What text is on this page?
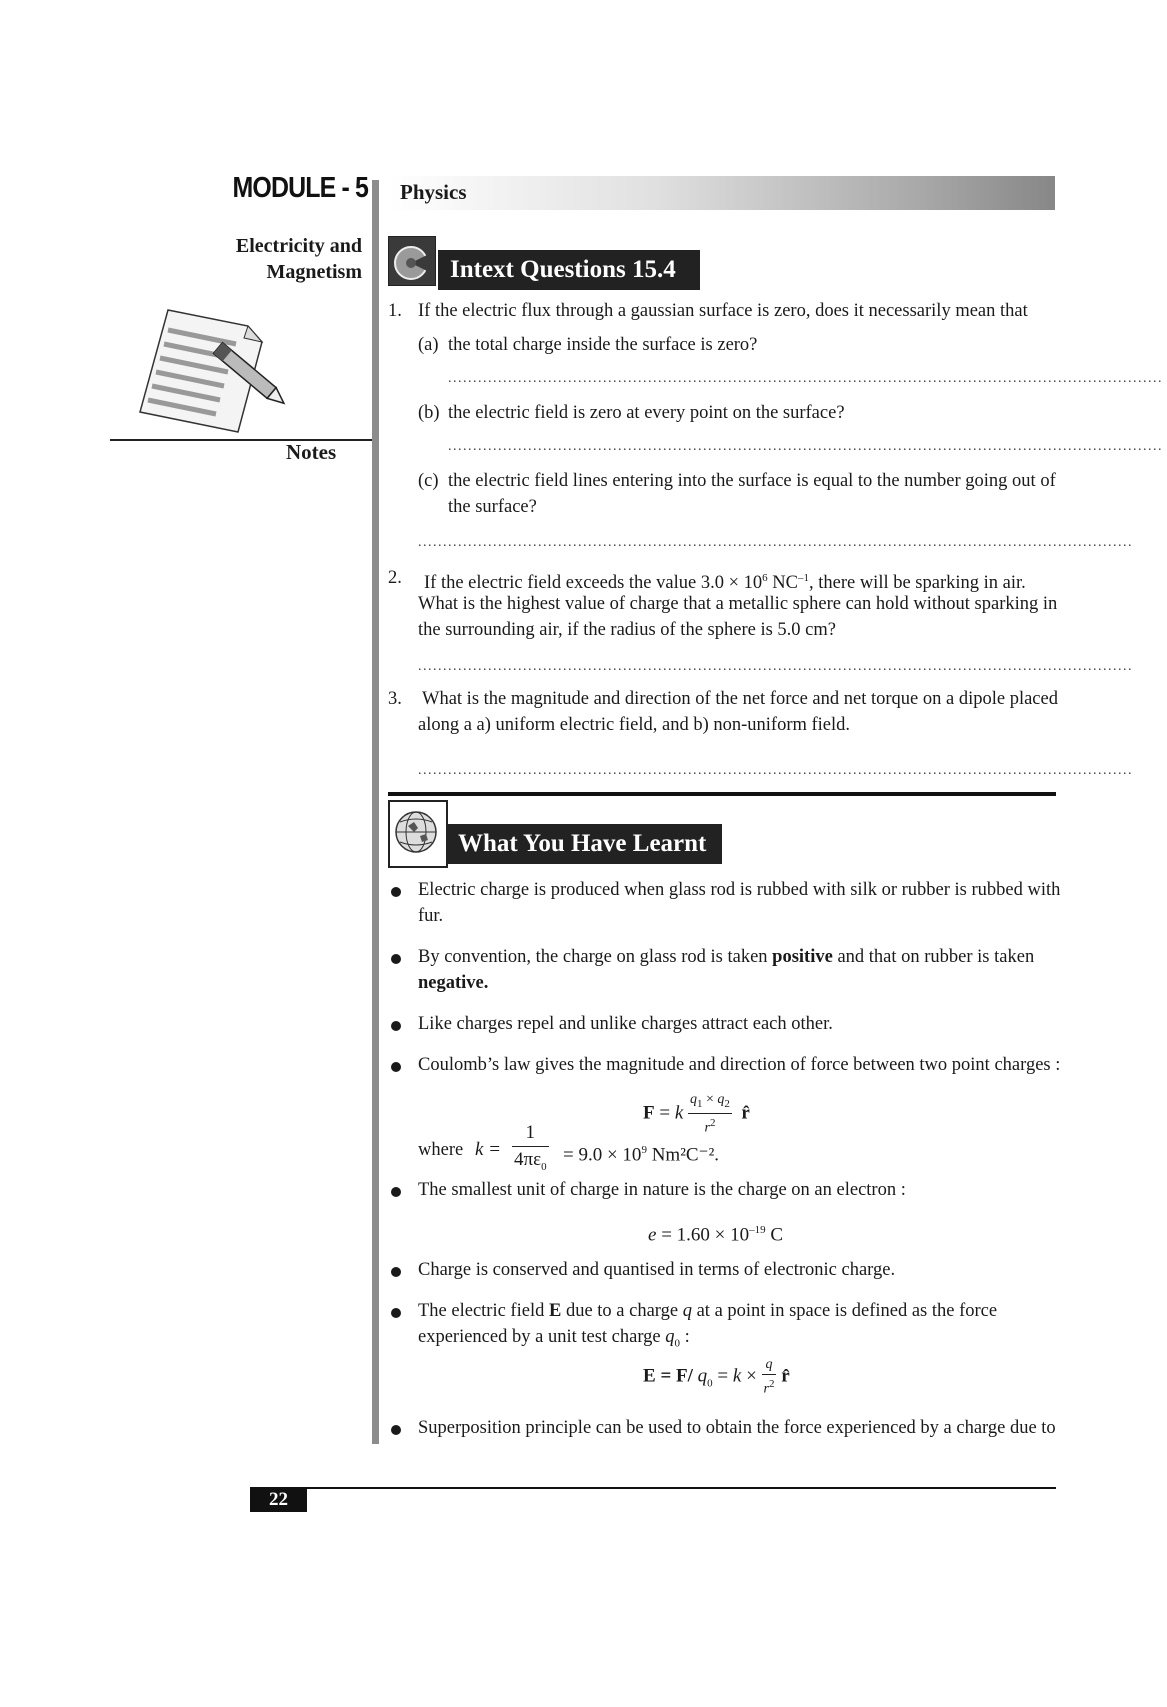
MODULE - 5
Electricity and
Magnetism
Notes
Physics
Intext Questions 15.4
1. If the electric flux through a gaussian surface is zero, does it necessarily mean that
(a) the total charge inside the surface is zero?
...............................................................................................................................................
(b) the electric field is zero at every point on the surface?
...............................................................................................................................................
(c) the electric field lines entering into the surface is equal to the number going out of
the surface?
...............................................................................................................................................
2.	If the electric field exceeds the value $3.0 \times 10^6$ $NC^{-1}$, there will be sparking in air.
What is the highest value of charge that a metallic sphere can hold without sparking in
the surrounding air, if the radius of the sphere is 5.0 cm?
...............................................................................................................................................
3.	What is the magnitude and direction of the net force and net torque on a dipole placed
along a a) uniform electric field, and b) non-uniform field.
...............................................................................................................................................
What You Have Learnt
Electric charge is produced when glass rod is rubbed with silk or rubber is rubbed with
fur.
By convention, the charge on glass rod is taken positive and that on rubber is taken
negative.
Like charges repel and unlike charges attract each other.
Coulomb’s law gives the magnitude and direction of force between two point charges :
F = k $\frac{q_1 \times q_2}{r^2}$ r̂
where $k = \frac{1}{4\pi\varepsilon_0} = 9.0 \times 10^9$ Nm²C⁻².
The smallest unit of charge in nature is the charge on an electron :
$e = 1.60 \times 10^{-19}$ C
Charge is conserved and quantised in terms of electronic charge.
The electric field E due to a charge q at a point in space is defined as the force
experienced by a unit test charge $q_0$ :
E = F/ $q_0 = k \times \frac{q}{r^2}$ r̂
Superposition principle can be used to obtain the force experienced by a charge due to
22
